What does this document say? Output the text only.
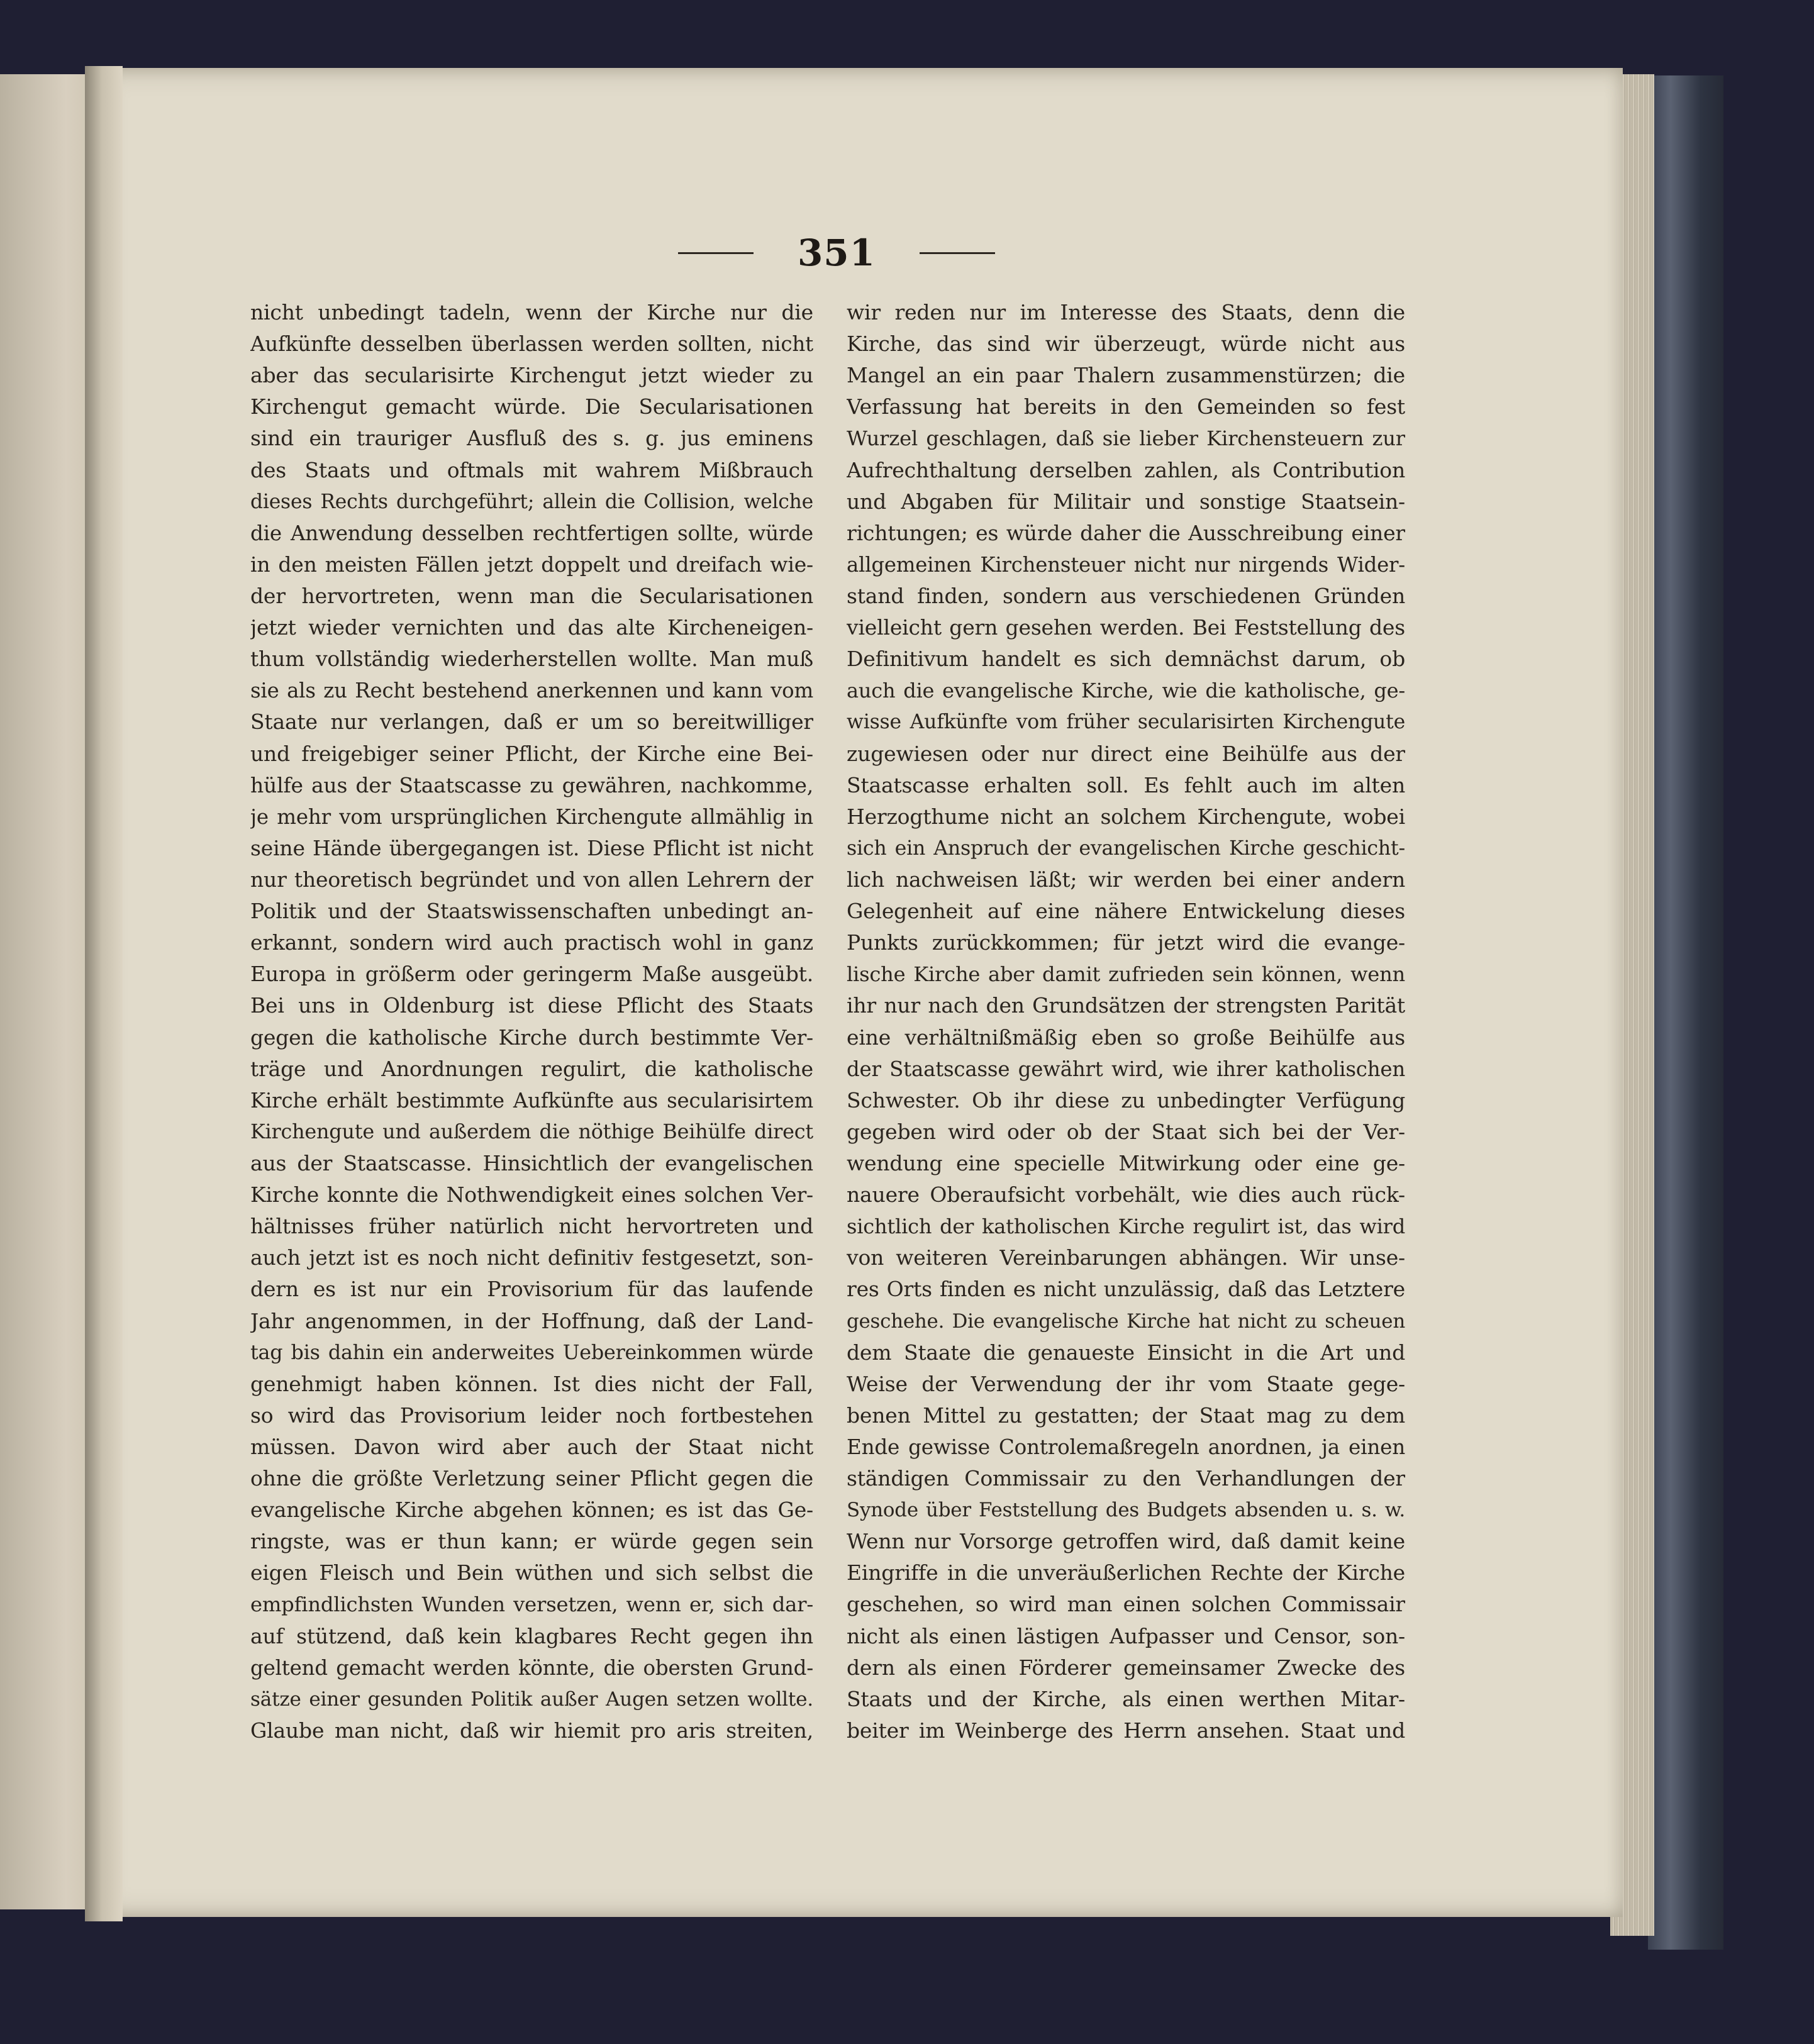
351
nicht unbedingt tadeln, wenn der Kirche nur die
Aufkünfte desselben überlassen werden sollten, nicht
aber das secularisirte Kirchengut jetzt wieder zu
Kirchengut gemacht würde. Die Secularisationen
sind ein trauriger Ausfluß des s. g. jus eminens
des Staats und oftmals mit wahrem Mißbrauch
dieses Rechts durchgeführt; allein die Collision, welche
die Anwendung desselben rechtfertigen sollte, würde
in den meisten Fällen jetzt doppelt und dreifach wie-
der hervortreten, wenn man die Secularisationen
jetzt wieder vernichten und das alte Kircheneigen-
thum vollständig wiederherstellen wollte. Man muß
sie als zu Recht bestehend anerkennen und kann vom
Staate nur verlangen, daß er um so bereitwilliger
und freigebiger seiner Pflicht, der Kirche eine Bei-
hülfe aus der Staatscasse zu gewähren, nachkomme,
je mehr vom ursprünglichen Kirchengute allmählig in
seine Hände übergegangen ist. Diese Pflicht ist nicht
nur theoretisch begründet und von allen Lehrern der
Politik und der Staatswissenschaften unbedingt an-
erkannt, sondern wird auch practisch wohl in ganz
Europa in größerm oder geringerm Maße ausgeübt.
Bei uns in Oldenburg ist diese Pflicht des Staats
gegen die katholische Kirche durch bestimmte Ver-
träge und Anordnungen regulirt, die katholische
Kirche erhält bestimmte Aufkünfte aus secularisirtem
Kirchengute und außerdem die nöthige Beihülfe direct
aus der Staatscasse. Hinsichtlich der evangelischen
Kirche konnte die Nothwendigkeit eines solchen Ver-
hältnisses früher natürlich nicht hervortreten und
auch jetzt ist es noch nicht definitiv festgesetzt, son-
dern es ist nur ein Provisorium für das laufende
Jahr angenommen, in der Hoffnung, daß der Land-
tag bis dahin ein anderweites Uebereinkommen würde
genehmigt haben können. Ist dies nicht der Fall,
so wird das Provisorium leider noch fortbestehen
müssen. Davon wird aber auch der Staat nicht
ohne die größte Verletzung seiner Pflicht gegen die
evangelische Kirche abgehen können; es ist das Ge-
ringste, was er thun kann; er würde gegen sein
eigen Fleisch und Bein wüthen und sich selbst die
empfindlichsten Wunden versetzen, wenn er, sich dar-
auf stützend, daß kein klagbares Recht gegen ihn
geltend gemacht werden könnte, die obersten Grund-
sätze einer gesunden Politik außer Augen setzen wollte.
Glaube man nicht, daß wir hiemit pro aris streiten,
wir reden nur im Interesse des Staats, denn die
Kirche, das sind wir überzeugt, würde nicht aus
Mangel an ein paar Thalern zusammenstürzen; die
Verfassung hat bereits in den Gemeinden so fest
Wurzel geschlagen, daß sie lieber Kirchensteuern zur
Aufrechthaltung derselben zahlen, als Contribution
und Abgaben für Militair und sonstige Staatsein-
richtungen; es würde daher die Ausschreibung einer
allgemeinen Kirchensteuer nicht nur nirgends Wider-
stand finden, sondern aus verschiedenen Gründen
vielleicht gern gesehen werden. Bei Feststellung des
Definitivum handelt es sich demnächst darum, ob
auch die evangelische Kirche, wie die katholische, ge-
wisse Aufkünfte vom früher secularisirten Kirchengute
zugewiesen oder nur direct eine Beihülfe aus der
Staatscasse erhalten soll. Es fehlt auch im alten
Herzogthume nicht an solchem Kirchengute, wobei
sich ein Anspruch der evangelischen Kirche geschicht-
lich nachweisen läßt; wir werden bei einer andern
Gelegenheit auf eine nähere Entwickelung dieses
Punkts zurückkommen; für jetzt wird die evange-
lische Kirche aber damit zufrieden sein können, wenn
ihr nur nach den Grundsätzen der strengsten Parität
eine verhältnißmäßig eben so große Beihülfe aus
der Staatscasse gewährt wird, wie ihrer katholischen
Schwester. Ob ihr diese zu unbedingter Verfügung
gegeben wird oder ob der Staat sich bei der Ver-
wendung eine specielle Mitwirkung oder eine ge-
nauere Oberaufsicht vorbehält, wie dies auch rück-
sichtlich der katholischen Kirche regulirt ist, das wird
von weiteren Vereinbarungen abhängen. Wir unse-
res Orts finden es nicht unzulässig, daß das Letztere
geschehe. Die evangelische Kirche hat nicht zu scheuen
dem Staate die genaueste Einsicht in die Art und
Weise der Verwendung der ihr vom Staate gege-
benen Mittel zu gestatten; der Staat mag zu dem
Ende gewisse Controlemaßregeln anordnen, ja einen
ständigen Commissair zu den Verhandlungen der
Synode über Feststellung des Budgets absenden u. s. w.
Wenn nur Vorsorge getroffen wird, daß damit keine
Eingriffe in die unveräußerlichen Rechte der Kirche
geschehen, so wird man einen solchen Commissair
nicht als einen lästigen Aufpasser und Censor, son-
dern als einen Förderer gemeinsamer Zwecke des
Staats und der Kirche, als einen werthen Mitar-
beiter im Weinberge des Herrn ansehen. Staat und
